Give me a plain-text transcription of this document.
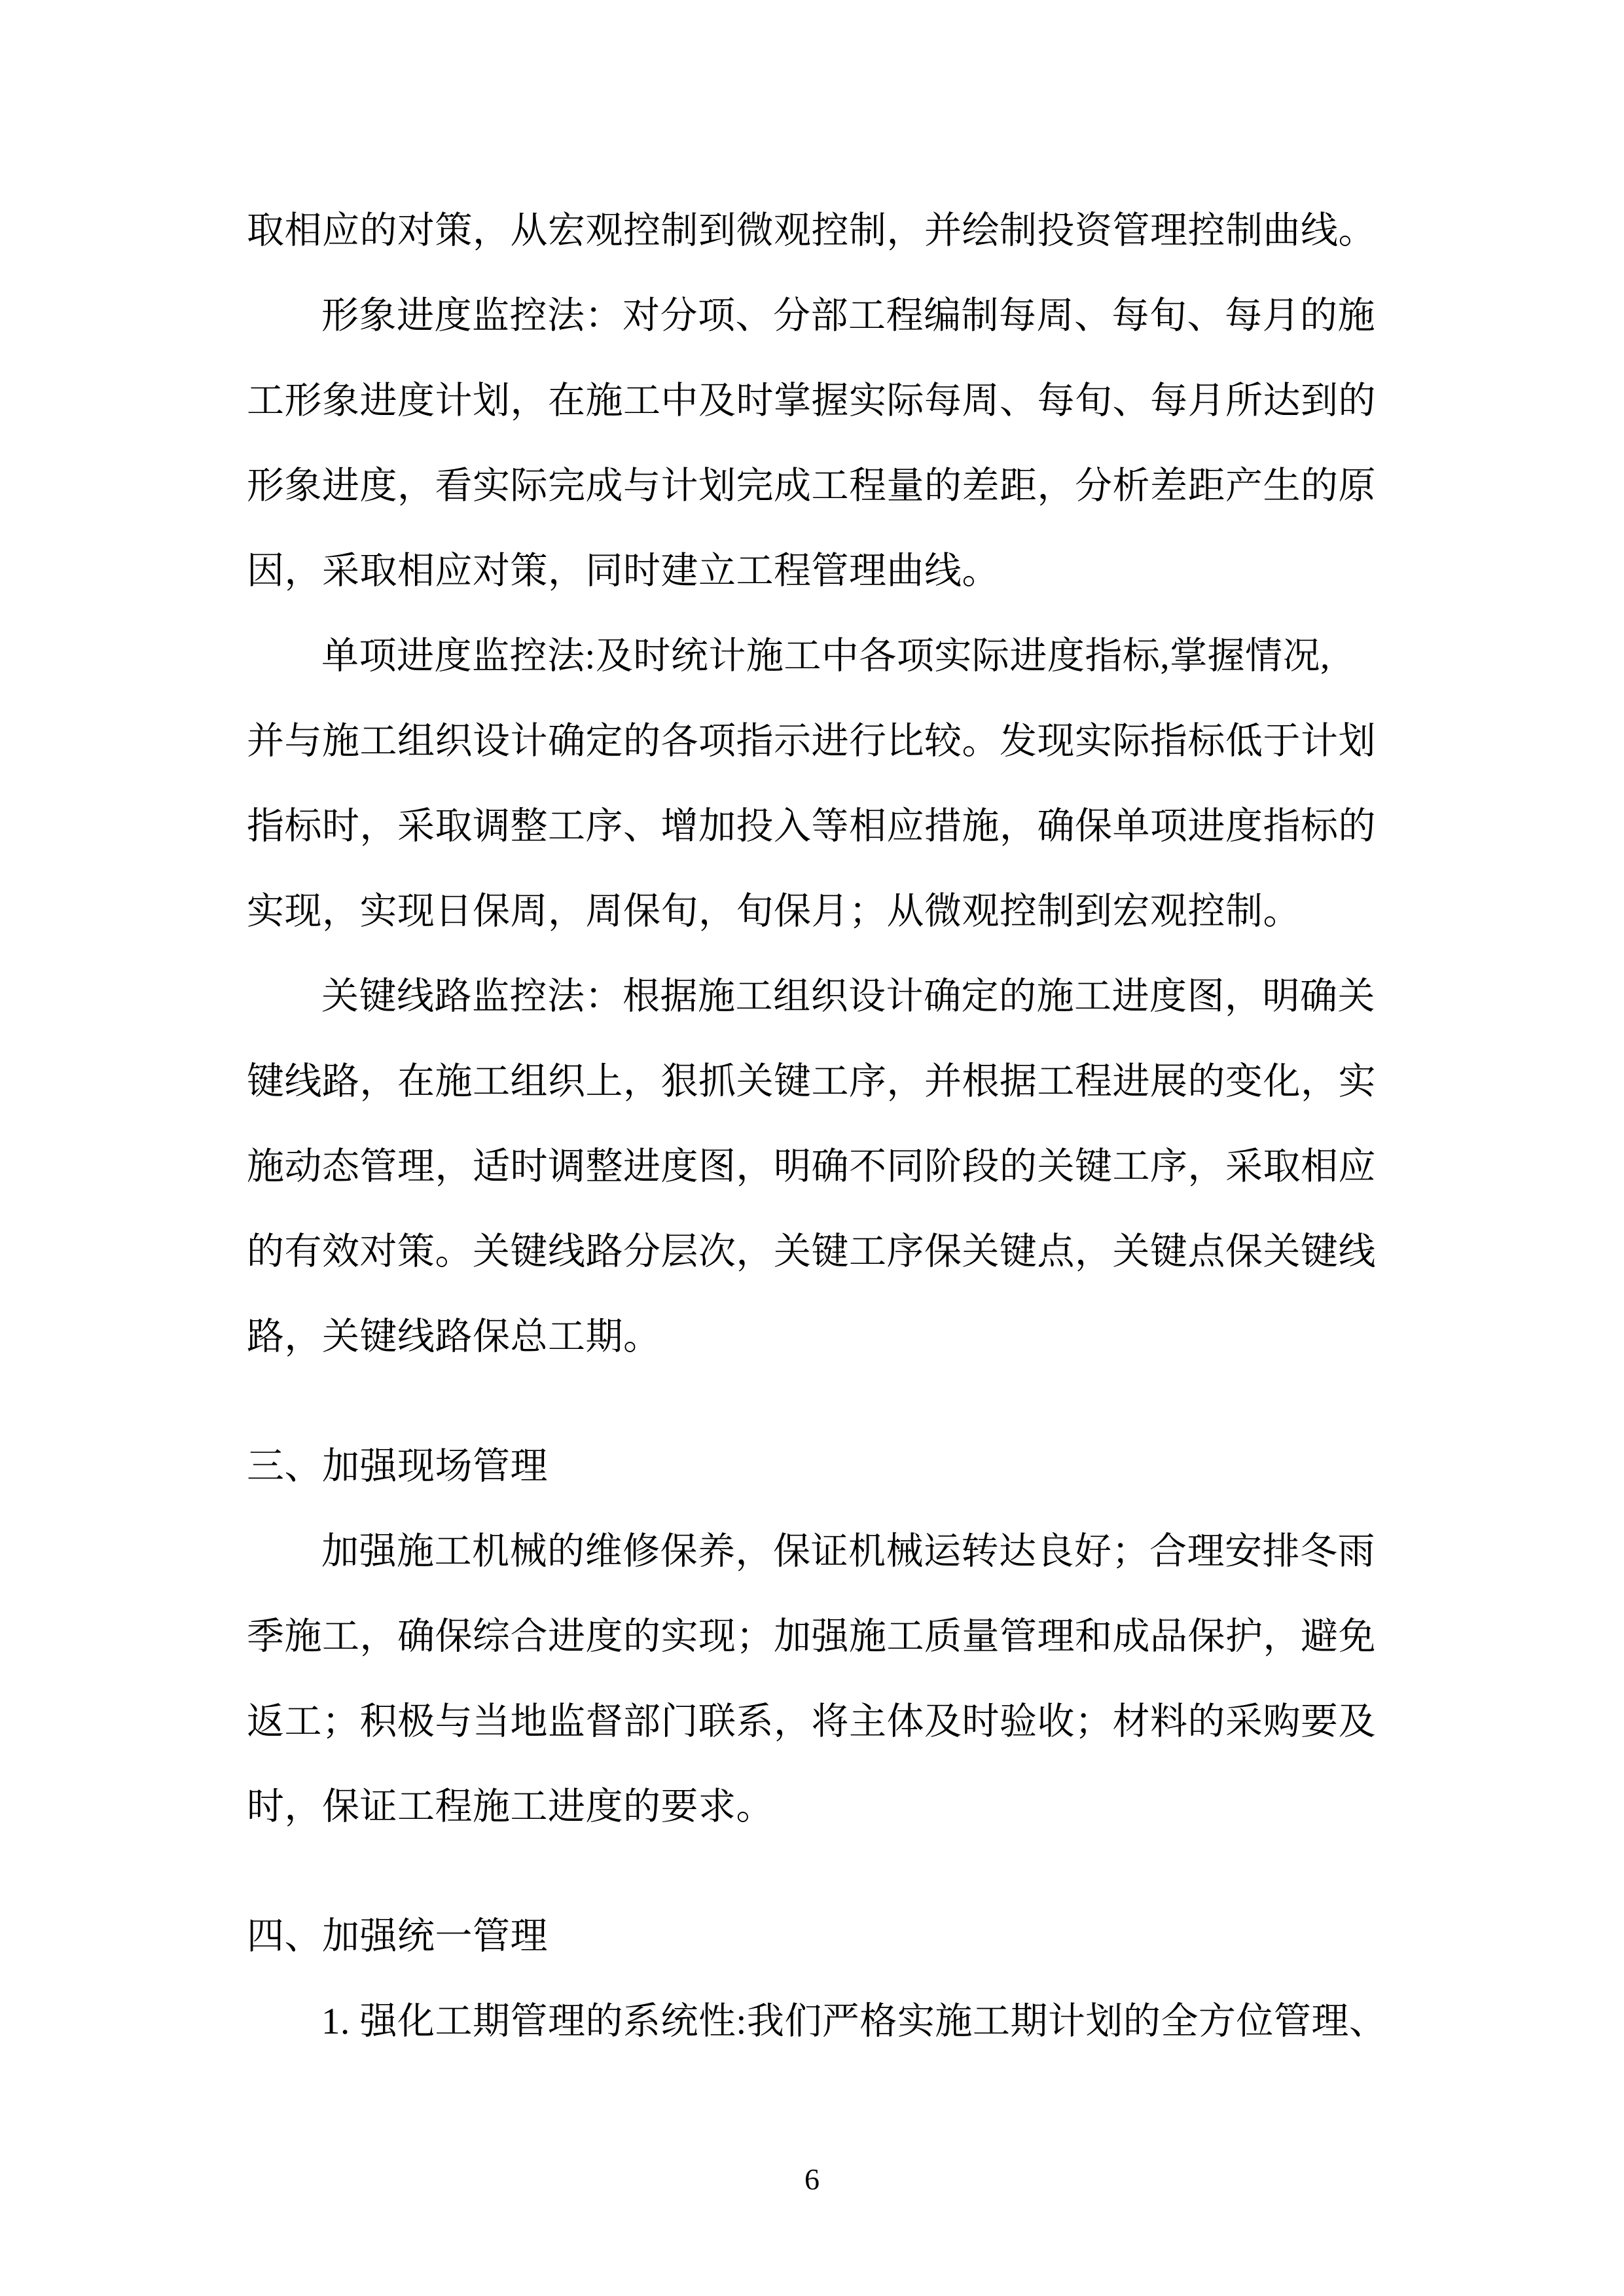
取相应的对策，从宏观控制到微观控制，并绘制投资管理控制曲线。
形象进度监控法：对分项、分部工程编制每周、每旬、每月的施
工形象进度计划，在施工中及时掌握实际每周、每旬、每月所达到的
形象进度，看实际完成与计划完成工程量的差距，分析差距产生的原
因，采取相应对策，同时建立工程管理曲线。
单项进度监控法:及时统计施工中各项实际进度指标,掌握情况,
并与施工组织设计确定的各项指示进行比较。发现实际指标低于计划
指标时，采取调整工序、增加投入等相应措施，确保单项进度指标的
实现，实现日保周，周保旬，旬保月；从微观控制到宏观控制。
关键线路监控法：根据施工组织设计确定的施工进度图，明确关
键线路，在施工组织上，狠抓关键工序，并根据工程进展的变化，实
施动态管理，适时调整进度图，明确不同阶段的关键工序，采取相应
的有效对策。关键线路分层次，关键工序保关键点，关键点保关键线
路，关键线路保总工期。
三、加强现场管理
加强施工机械的维修保养，保证机械运转达良好；合理安排冬雨
季施工，确保综合进度的实现；加强施工质量管理和成品保护，避免
返工；积极与当地监督部门联系，将主体及时验收；材料的采购要及
时，保证工程施工进度的要求。
四、加强统一管理
1. 强化工期管理的系统性:我们严格实施工期计划的全方位管理、
6
